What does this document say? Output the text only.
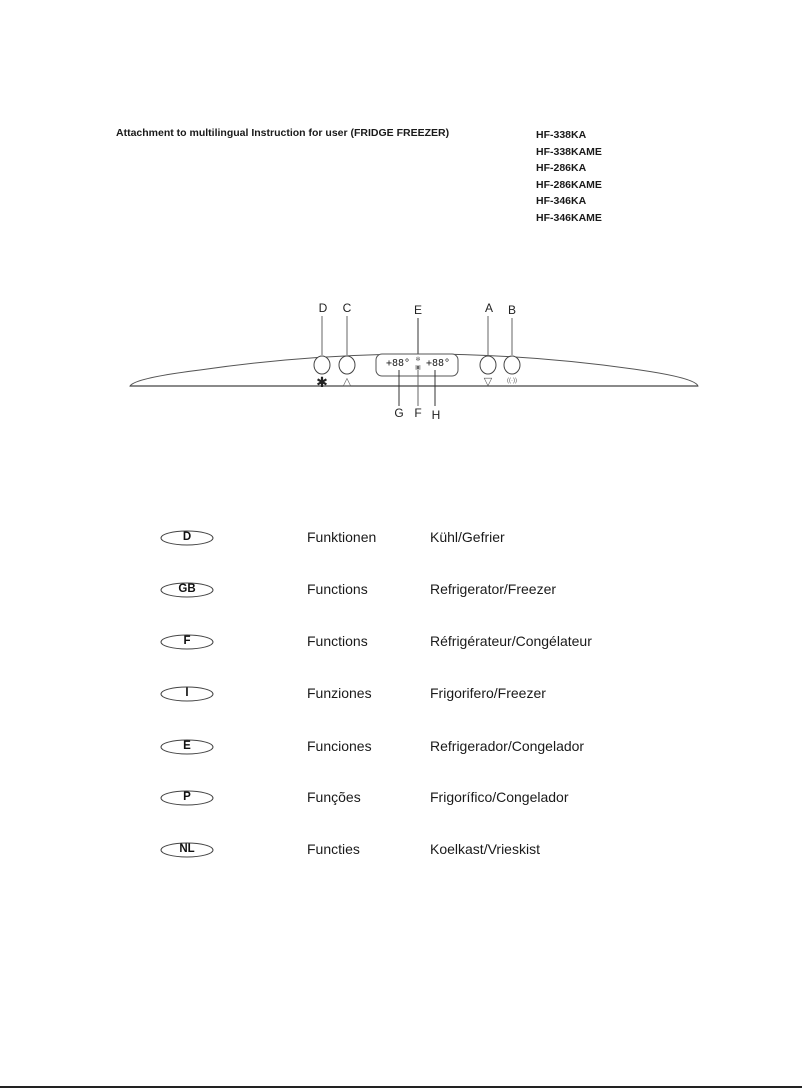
Attachment to multilingual Instruction for user (FRIDGE FREEZER)	HF-338KA
HF-338KAME
HF-286KA
HF-286KAME
HF-346KA
HF-346KAME
D C	E	A B
G F H
✱ △	▽ ((·))
+88° +88°
✻
▣
D	Funktionen	Kühl/Gefrier
GB	Functions	Refrigerator/Freezer
F	Functions	Réfrigérateur/Congélateur
I	Funziones	Frigorifero/Freezer
E	Funciones	Refrigerador/Congelador
P	Funções	Frigorífico/Congelador
NL	Functies	Koelkast/Vrieskist
